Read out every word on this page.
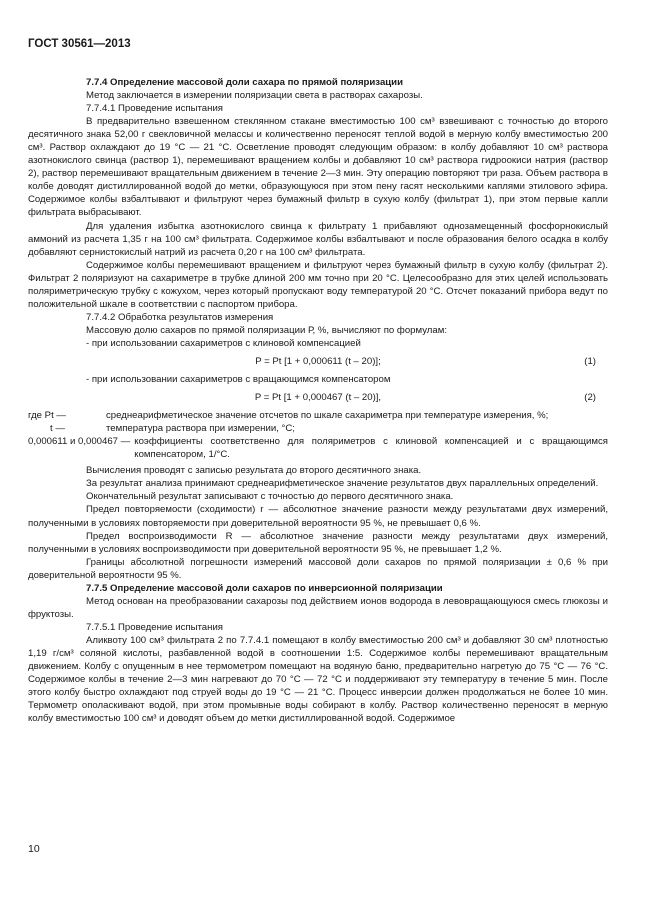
ГОСТ 30561—2013

7.7.4 Определение массовой доли сахара по прямой поляризации

Метод заключается в измерении поляризации света в растворах сахарозы.

7.7.4.1 Проведение испытания

В предварительно взвешенном стеклянном стакане вместимостью 100 см³ взвешивают с точностью до второго десятичного знака 52,00 г свекловичной мелассы и количественно переносят теплой водой в мерную колбу вместимостью 200 см³. Раствор охлаждают до 19 °С — 21 °С. Осветление проводят следующим образом: в колбу добавляют 10 см³ раствора азотнокислого свинца (раствор 1), перемешивают вращением колбы и добавляют 10 см³ раствора гидроокиси натрия (раствор 2), раствор перемешивают вращательным движением в течение 2—3 мин. Эту операцию повторяют три раза. Объем раствора в колбе доводят дистиллированной водой до метки, образующуюся при этом пену гасят несколькими каплями этилового эфира. Содержимое колбы взбалтывают и фильтруют через бумажный фильтр в сухую колбу (фильтрат 1), при этом первые капли фильтрата выбрасывают.

Для удаления избытка азотнокислого свинца к фильтрату 1 прибавляют однозамещенный фосфорнокислый аммоний из расчета 1,35 г на 100 см³ фильтрата. Содержимое колбы взбалтывают и после образования белого осадка в колбу добавляют сернистокислый натрий из расчета 0,20 г на 100 см³ фильтрата.

Содержимое колбы перемешивают вращением и фильтруют через бумажный фильтр в сухую колбу (фильтрат 2). Фильтрат 2 поляризуют на сахариметре в трубке длиной 200 мм точно при 20 °С. Целесообразно для этих целей использовать поляриметрическую трубку с кожухом, через который пропускают воду температурой 20 °С. Отсчет показаний прибора ведут по положительной шкале в соответствии с паспортом прибора.

7.7.4.2 Обработка результатов измерения

Массовую долю сахаров по прямой поляризации Р, %, вычисляют по формулам:

- при использовании сахариметров с клиновой компенсацией

P = Pt [1 + 0,000611 (t – 20)];	(1)

- при использовании сахариметров с вращающимся компенсатором

P = Pt [1 + 0,000467 (t – 20)],	(2)
где Pt —	среднеарифметическое значение отсчетов по шкале сахариметра при температуре измерения, %;
t —	температура раствора при измерении, °С;
0,000611 и 0,000467 — коэффициенты соответственно для поляриметров с клиновой компенсацией и с вращающимся компенсатором, 1/°С.

Вычисления проводят с записью результата до второго десятичного знака.

За результат анализа принимают среднеарифметическое значение результатов двух параллельных определений.

Окончательный результат записывают с точностью до первого десятичного знака.

Предел повторяемости (сходимости) r — абсолютное значение разности между результатами двух измерений, полученными в условиях повторяемости при доверительной вероятности 95 %, не превышает 0,6 %.

Предел воспроизводимости R — абсолютное значение разности между результатами двух измерений, полученными в условиях воспроизводимости при доверительной вероятности 95 %, не превышает 1,2 %.

Границы абсолютной погрешности измерений массовой доли сахаров по прямой поляризации ± 0,6 % при доверительной вероятности 95 %.

7.7.5 Определение массовой доли сахаров по инверсионной поляризации

Метод основан на преобразовании сахарозы под действием ионов водорода в левовращающуюся смесь глюкозы и фруктозы.

7.7.5.1 Проведение испытания

Аликвоту 100 см³ фильтрата 2 по 7.7.4.1 помещают в колбу вместимостью 200 см³ и добавляют 30 см³ плотностью 1,19 г/см³ соляной кислоты, разбавленной водой в соотношении 1:5. Содержимое колбы перемешивают вращательным движением. Колбу с опущенным в нее термометром помещают на водяную баню, предварительно нагретую до 75 °С — 76 °С. Содержимое колбы в течение 2—3 мин нагревают до 70 °С — 72 °С и поддерживают эту температуру в течение 5 мин. После этого колбу быстро охлаждают под струей воды до 19 °С — 21 °С. Процесс инверсии должен продолжаться не более 10 мин. Термометр ополаскивают водой, при этом промывные воды собирают в колбу. Раствор количественно переносят в мерную колбу вместимостью 100 см³ и доводят объем до метки дистиллированной водой. Содержимое

10
